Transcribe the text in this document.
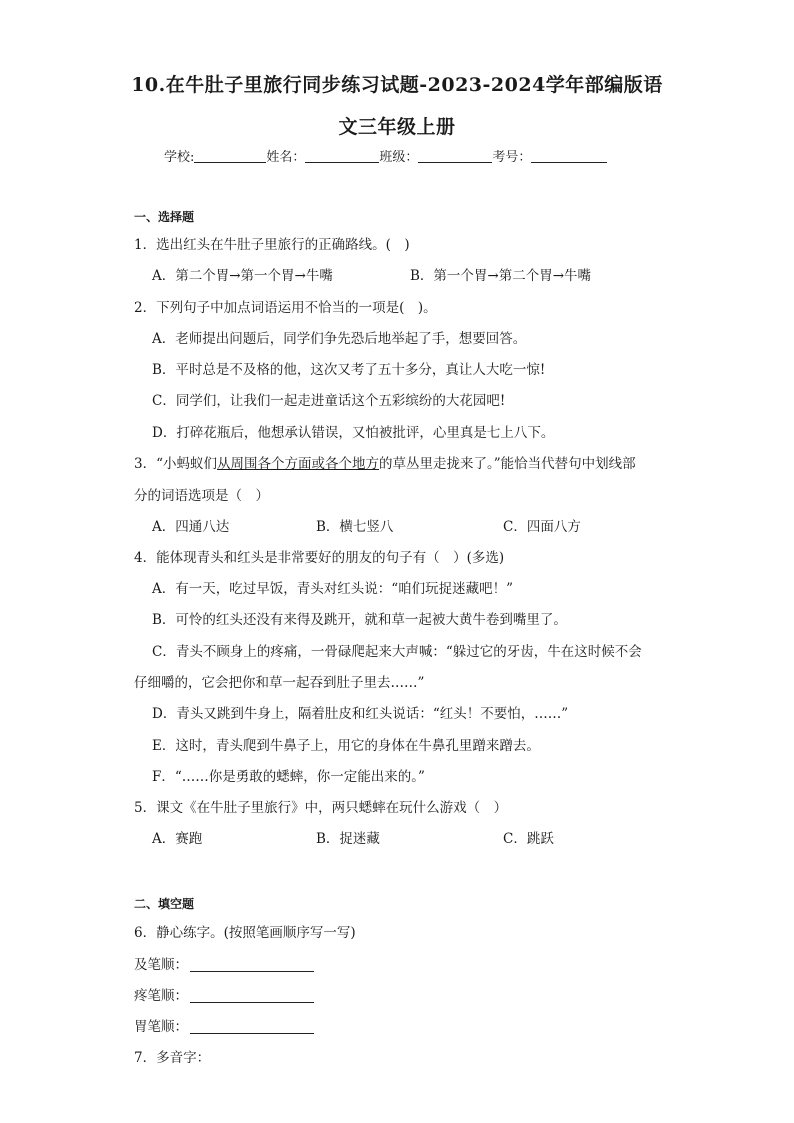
10.在牛肚子里旅行同步练习试题-2023-2024学年部编版语
文三年级上册
学校:	姓名：	班级：	考号：
一、选择题
1．选出红头在牛肚子里旅行的正确路线。(　)
A．第二个胃→第一个胃→牛嘴	B．第一个胃→第二个胃→牛嘴
2．下列句子中加点词语运用不恰当的一项是(　)。
A．老师提出问题后，同学们争先恐后地举起了手，想要回答。
B．平时总是不及格的他，这次又考了五十多分，真让人大吃一惊!
C．同学们，让我们一起走进童话这个五彩缤纷的大花园吧!
D．打碎花瓶后，他想承认错误，又怕被批评，心里真是七上八下。
3．“小蚂蚁们从周围各个方面或各个地方的草丛里走拢来了。”能恰当代替句中划线部
分的词语选项是（　）
A．四通八达	B．横七竖八	C．四面八方
4．能体现青头和红头是非常要好的朋友的句子有（　）(多选)
A．有一天，吃过早饭，青头对红头说：“咱们玩捉迷藏吧！”
B．可怜的红头还没有来得及跳开，就和草一起被大黄牛卷到嘴里了。
C．青头不顾身上的疼痛，一骨碌爬起来大声喊：“躲过它的牙齿，牛在这时候不会
仔细嚼的，它会把你和草一起吞到肚子里去……”
D．青头又跳到牛身上，隔着肚皮和红头说话：“红头！不要怕，……”
E．这时，青头爬到牛鼻子上，用它的身体在牛鼻孔里蹭来蹭去。
F．“……你是勇敢的蟋蟀，你一定能出来的。”
5．课文《在牛肚子里旅行》中，两只蟋蟀在玩什么游戏（　）
A．赛跑	B．捉迷藏	C．跳跃
二、填空题
6．静心练字。(按照笔画顺序写一写)
及笔顺：
疼笔顺：
胃笔顺：
7．多音字：
